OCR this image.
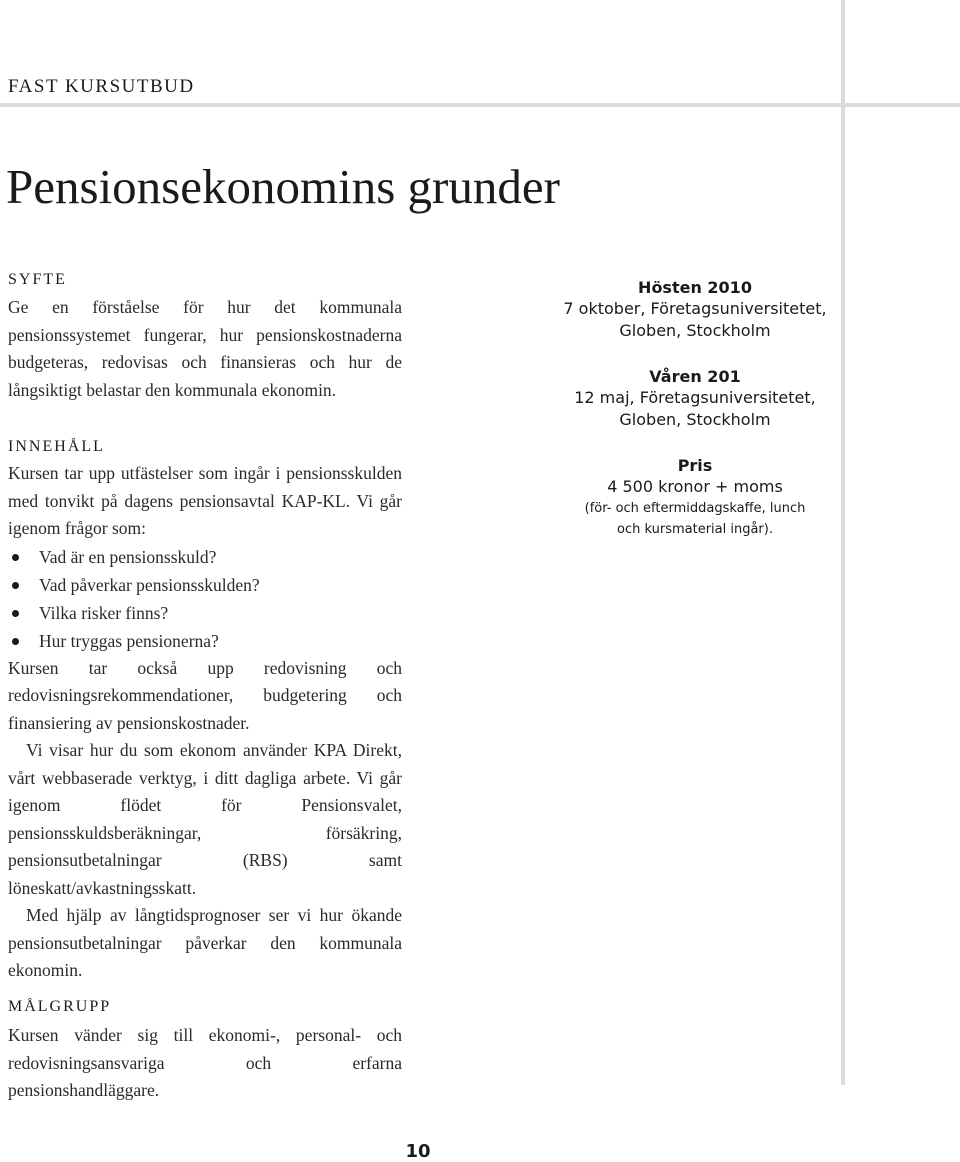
FAST KURSUTBUD
Pensionsekonomins grunder
SYFTE

Ge en förståelse för hur det kommunala pensionssystemet fungerar, hur pensionskostnaderna budgeteras, redovisas och finansieras och hur de långsiktigt belastar den kommunala ekonomin.

INNEHÅLL

Kursen tar upp utfästelser som ingår i pensionsskulden med tonvikt på dagens pensionsavtal KAP-KL. Vi går igenom frågor som:

Vad är en pensionsskuld?
Vad påverkar pensionsskulden?
Vilka risker finns?
Hur tryggas pensionerna?

Kursen tar också upp redovisning och redovisningsrekommendationer, budgetering och finansiering av pensionskostnader.

Vi visar hur du som ekonom använder KPA Direkt, vårt webbaserade verktyg, i ditt dagliga arbete. Vi går igenom flödet för Pensionsvalet, pensionsskuldsberäkningar, försäkring, pensionsutbetalningar (RBS) samt löneskatt/avkastningsskatt.

Med hjälp av långtidsprognoser ser vi hur ökande pensionsutbetalningar påverkar den kommunala ekonomin.

MÅLGRUPP

Kursen vänder sig till ekonomi-, personal- och redovisningsansvariga och erfarna pensionshandläggare.

Hösten 2010
7 oktober, Företagsuniversitetet,
Globen, Stockholm
Våren 201
12 maj, Företagsuniversitetet,
Globen, Stockholm
Pris
4 500 kronor + moms
(för- och eftermiddagskaffe, lunch
och kursmaterial ingår).
10
